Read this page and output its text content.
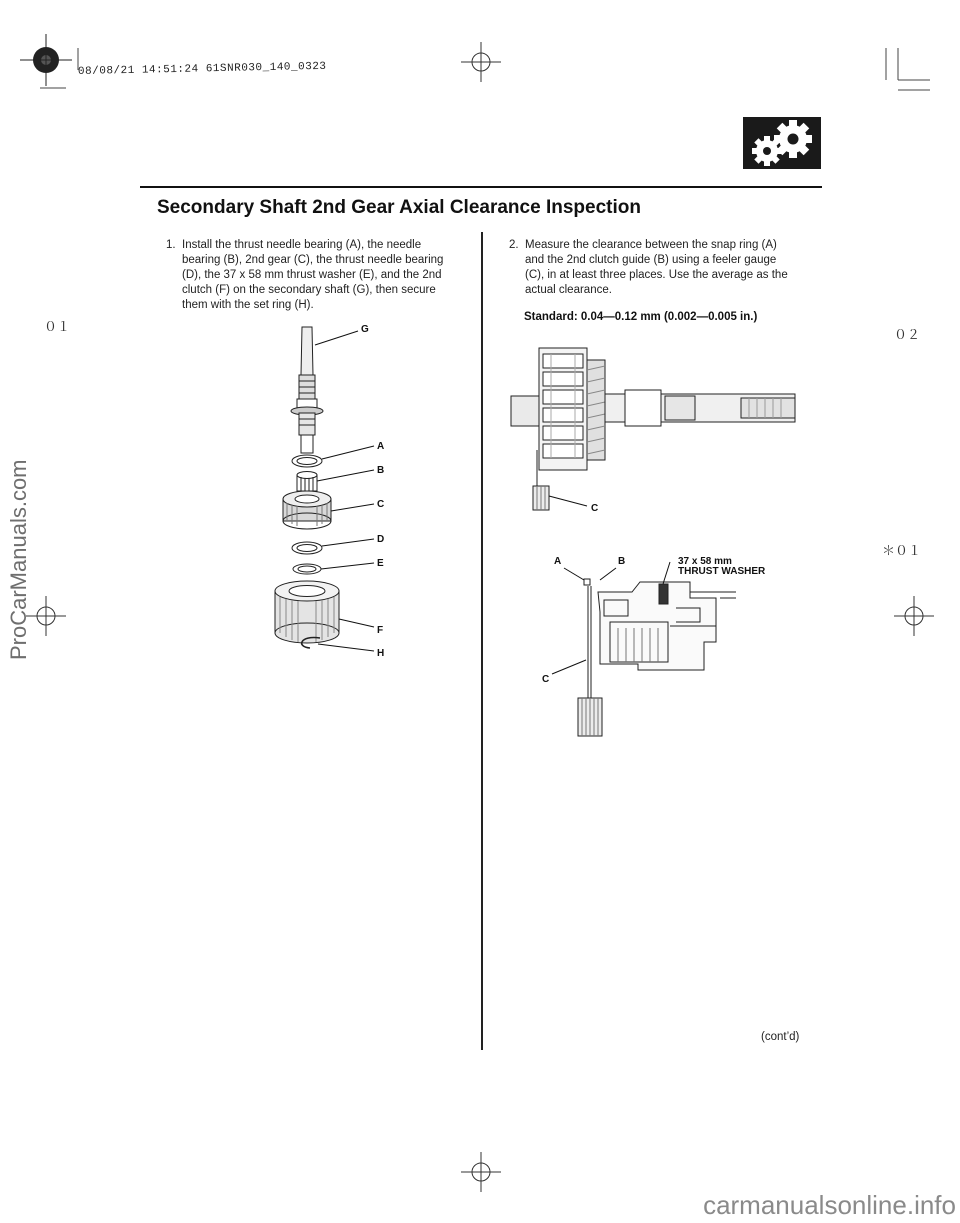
08/08/21 14:51:24 61SNR030_140_0323
Secondary Shaft 2nd Gear Axial Clearance Inspection
1. Install the thrust needle bearing (A), the needle
bearing (B), 2nd gear (C), the thrust needle bearing
(D), the 37 x 58 mm thrust washer (E), and the 2nd
clutch (F) on the secondary shaft (G), then secure
them with the set ring (H).
2. Measure the clearance between the snap ring (A)
and the 2nd clutch guide (B) using a feeler gauge
(C), in at least three places. Use the average as the
actual clearance.
Standard: 0.04—0.12 mm (0.002—0.005 in.)
G
A
B
C
D
E
F
H
C
A	B	37 x 58 mm
THRUST WASHER
C
(cont’d)
０１
０２
＊０１
ProCarManuals.com
carmanualsonline.info
